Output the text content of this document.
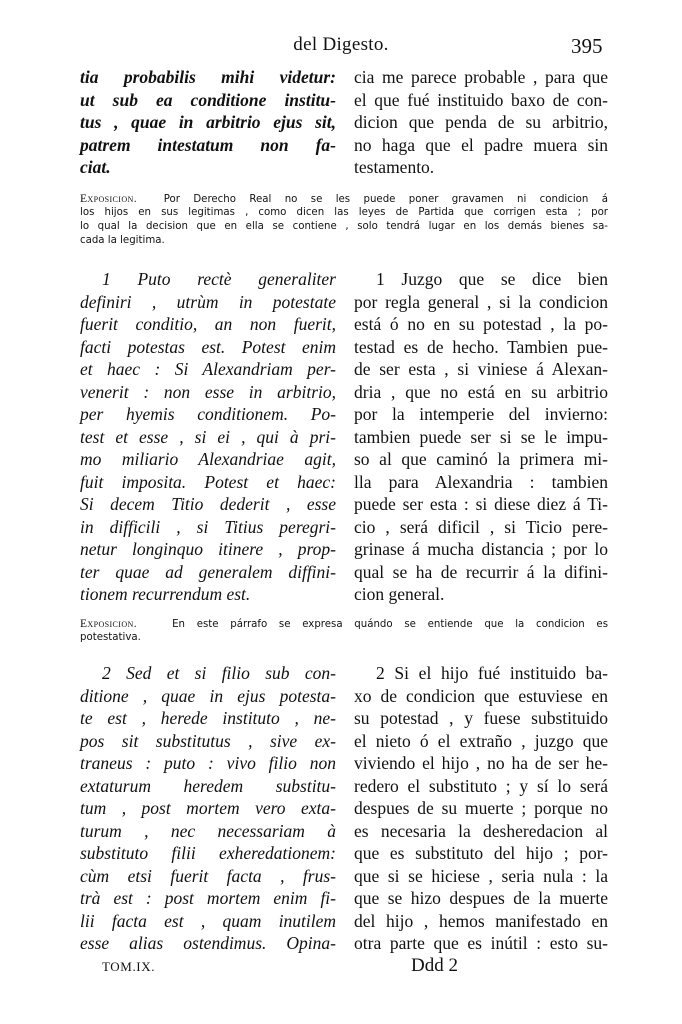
del Digesto.	395
tia probabilis mihi videtur:
ut sub ea conditione institu-
tus , quae in arbitrio ejus sit,
patrem intestatum non fa-
ciat.
cia me parece probable , para que
el que fué instituido baxo de con-
dicion que penda de su arbitrio,
no haga que el padre muera sin
testamento.
Exposicion.	Por Derecho Real no se les puede poner gravamen ni condicion á
los hijos en sus legitimas , como dicen las leyes de Partida que corrigen esta ; por
lo qual la decision que en ella se contiene , solo tendrá lugar en los demás bienes sa-
cada la legitima.
1 Puto rectè generaliter
definiri , utrùm in potestate
fuerit conditio, an non fuerit,
facti potestas est. Potest enim
et haec : Si Alexandriam per-
venerit : non esse in arbitrio,
per hyemis conditionem. Po-
test et esse , si ei , qui à pri-
mo miliario Alexandriae agit,
fuit imposita. Potest et haec:
Si decem Titio dederit , esse
in difficili , si Titius peregri-
netur longinquo itinere , prop-
ter quae ad generalem diffini-
tionem recurrendum est.
1 Juzgo que se dice bien
por regla general , si la condicion
está ó no en su potestad , la po-
testad es de hecho. Tambien pue-
de ser esta , si viniese á Alexan-
dria , que no está en su arbitrio
por la intemperie del invierno:
tambien puede ser si se le impu-
so al que caminó la primera mi-
lla para Alexandria : tambien
puede ser esta : si diese diez á Ti-
cio , será dificil , si Ticio pere-
grinase á mucha distancia ; por lo
qual se ha de recurrir á la difini-
cion general.
Exposicion.	En este párrafo se expresa quándo se entiende que la condicion es
potestativa.
2 Sed et si filio sub con-
ditione , quae in ejus potesta-
te est , herede instituto , ne-
pos sit substitutus , sive ex-
traneus : puto : vivo filio non
extaturum heredem substitu-
tum , post mortem vero exta-
turum , nec necessariam à
substituto filii exheredationem:
cùm etsi fuerit facta , frus-
trà est : post mortem enim fi-
lii facta est , quam inutilem
esse alias ostendimus. Opina-
2 Si el hijo fué instituido ba-
xo de condicion que estuviese en
su potestad , y fuese substituido
el nieto ó el extraño , juzgo que
viviendo el hijo , no ha de ser he-
redero el substituto ; y sí lo será
despues de su muerte ; porque no
es necesaria la desheredacion al
que es substituto del hijo ; por-
que si se hiciese , seria nula : la
que se hizo despues de la muerte
del hijo , hemos manifestado en
otra parte que es inútil : esto su-
TOM.IX.	Ddd 2
